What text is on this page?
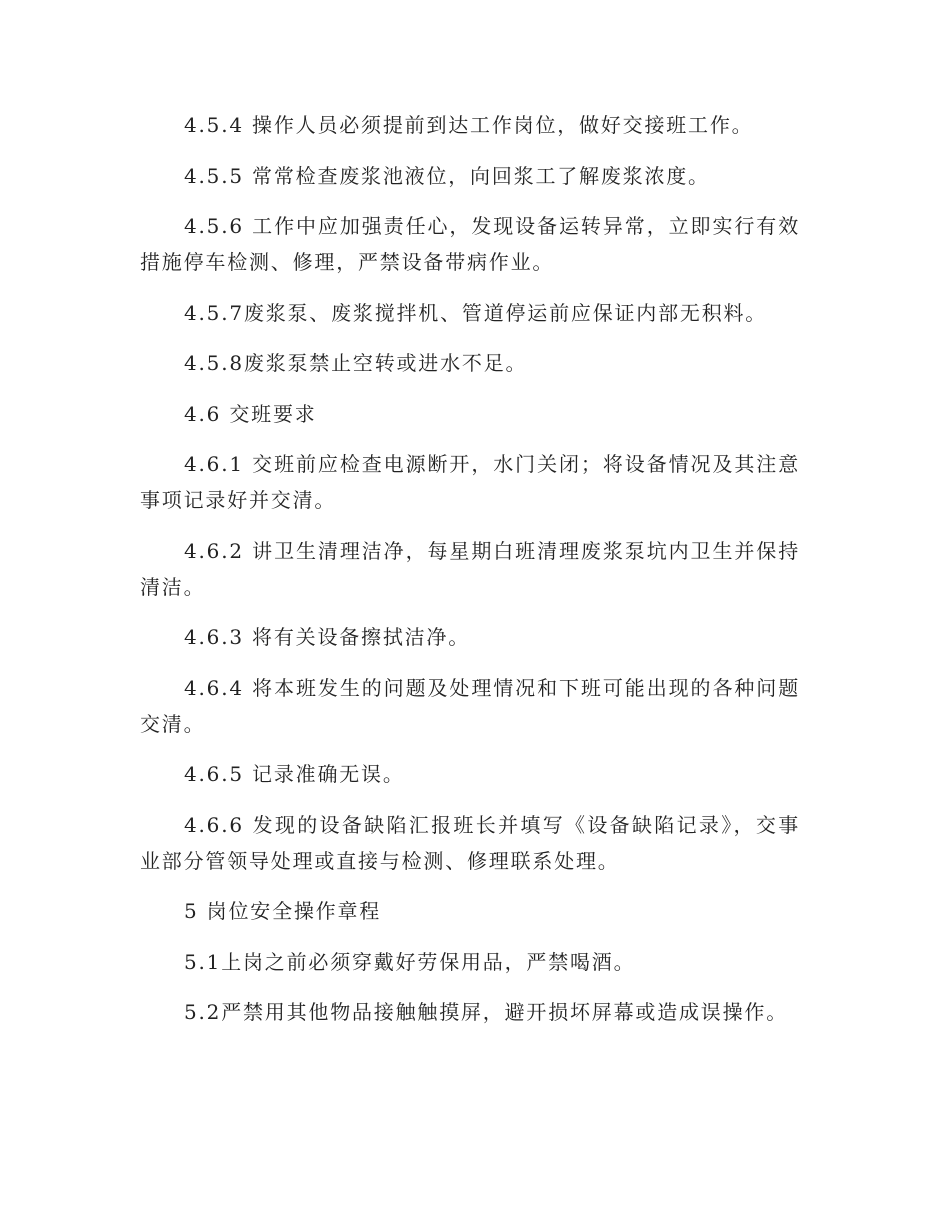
4.5.4 操作人员必须提前到达工作岗位，做好交接班工作。

4.5.5 常常检查废浆池液位，向回浆工了解废浆浓度。

4.5.6 工作中应加强责任心，发现设备运转异常，立即实行有效措施停车检测、修理，严禁设备带病作业。

4.5.7废浆泵、废浆搅拌机、管道停运前应保证内部无积料。

4.5.8废浆泵禁止空转或进水不足。

4.6 交班要求

4.6.1 交班前应检查电源断开，水门关闭；将设备情况及其注意事项记录好并交清。

4.6.2 讲卫生清理洁净，每星期白班清理废浆泵坑内卫生并保持清洁。

4.6.3 将有关设备擦拭洁净。

4.6.4 将本班发生的问题及处理情况和下班可能出现的各种问题交清。

4.6.5 记录准确无误。

4.6.6 发现的设备缺陷汇报班长并填写《设备缺陷记录》，交事业部分管领导处理或直接与检测、修理联系处理。

5 岗位安全操作章程

5.1上岗之前必须穿戴好劳保用品，严禁喝酒。

5.2严禁用其他物品接触触摸屏，避开损坏屏幕或造成误操作。
